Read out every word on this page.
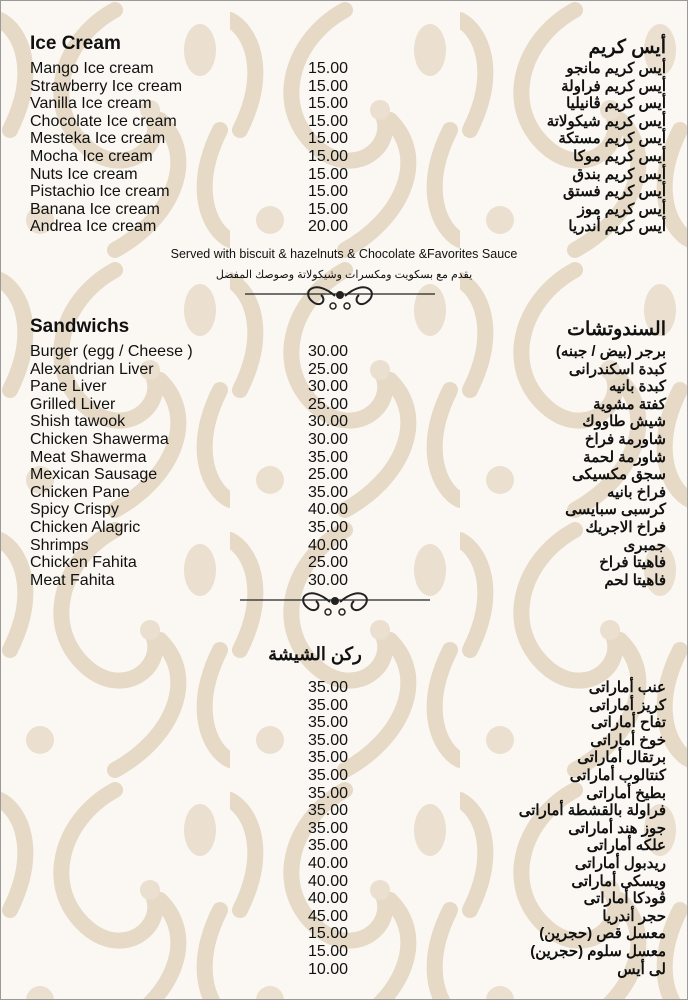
Ice Cream	أيس كريم
Mango Ice cream	15.00	أيس كريم مانجو
Strawberry Ice cream	15.00	أيس كريم فراولة
Vanilla Ice cream	15.00	أيس كريم ڤانيليا
Chocolate Ice cream	15.00	أيس كريم شيكولاتة
Mesteka Ice cream	15.00	أيس كريم مستكة
Mocha Ice cream	15.00	أيس كريم موكا
Nuts Ice cream	15.00	أيس كريم بندق
Pistachio Ice cream	15.00	أيس كريم فستق
Banana Ice cream	15.00	أيس كريم موز
Andrea Ice cream	20.00	أيس كريم أندريا
Served with biscuit & hazelnuts & Chocolate &Favorites Sauce
يقدم مع بسكويت ومكسرات وشيكولاتة وصوصك المفضل
Sandwichs	السندوتشات
Burger (egg / Cheese )	30.00	برجر (بيض / جبنه)
Alexandrian Liver	25.00	كبدة اسكندرانى
Pane Liver	30.00	كبدة بانيه
Grilled Liver	25.00	كفتة مشوية
Shish tawook	30.00	شيش طاووك
Chicken Shawerma	30.00	شاورمة فراخ
Meat Shawerma	35.00	شاورمة لحمة
Mexican Sausage	25.00	سجق مكسيكى
Chicken Pane	35.00	فراخ بانيه
Spicy Crispy	40.00	كرسبى سبايسى
Chicken Alagric	35.00	فراخ الاجريك
Shrimps	40.00	جمبرى
Chicken Fahita	25.00	فاهيتا فراخ
Meat Fahita	30.00	فاهيتا لحم
ركن الشيشة
35.00	عنب أماراتى
35.00	كريز أماراتى
35.00	تفاح أماراتى
35.00	خوخ أماراتى
35.00	برتقال أماراتى
35.00	كنتالوب أماراتى
35.00	بطيخ أماراتى
35.00	فراولة بالقشطة أماراتى
35.00	جوز هند أماراتى
35.00	علكه أماراتى
40.00	ريدبول أماراتى
40.00	ويسكى أماراتى
40.00	ڤودكا أماراتى
45.00	حجر أندريا
15.00	معسل قص (حجرين)
15.00	معسل سلوم (حجرين)
10.00	لى أيس
